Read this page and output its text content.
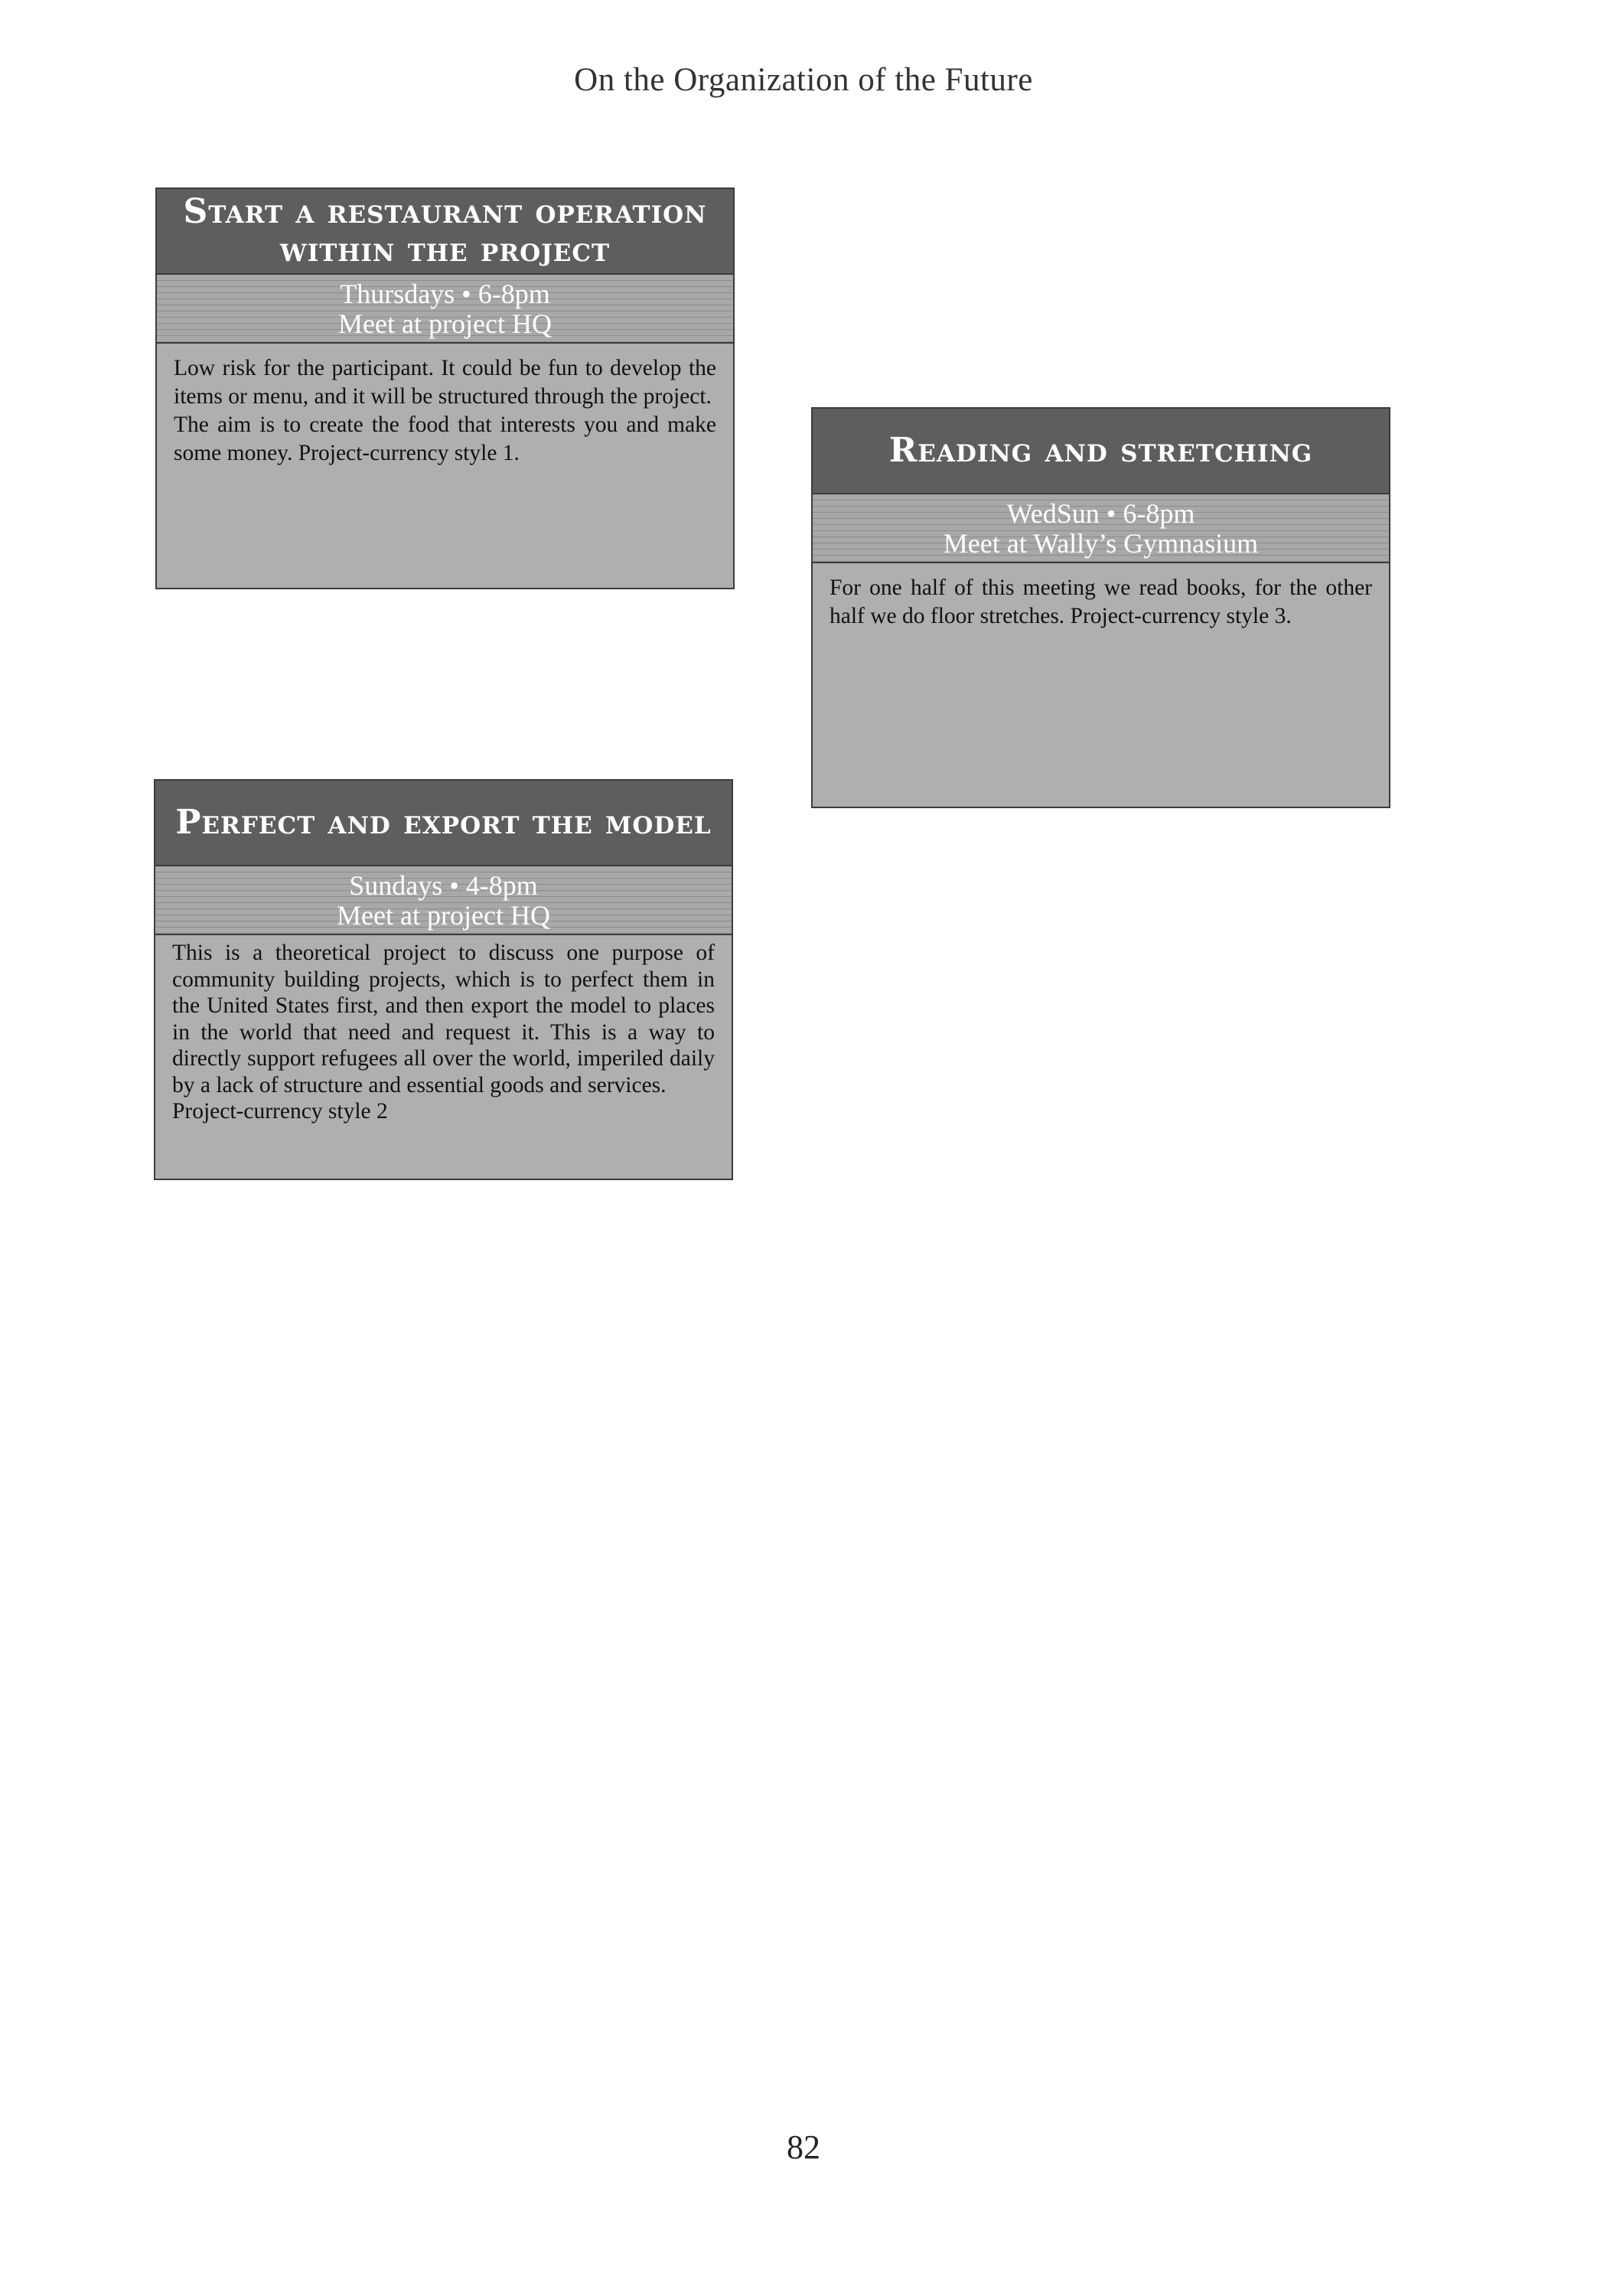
On the Organization of the Future
Start a restaurant operation within the project
Thursdays • 6-8pm
Meet at project HQ

Low risk for the participant. It could be fun to develop the items or menu, and it will be structured through the project.

The aim is to create the food that interests you and make some money. Project-currency style 1.	Reading and stretching
WedSun • 6-8pm
Meet at Wally’s Gymnasium

For one half of this meeting we read books, for the other half we do floor stretches. Project-currency style 3.

Perfect and export the model
Sundays • 4-8pm
Meet at project HQ

This is a theoretical project to discuss one purpose of community building projects, which is to perfect them in the United States first, and then export the model to places in the world that need and request it. This is a way to directly support refugees all over the world, imperiled daily by a lack of structure and essential goods and services.

Project-currency style 2

82
